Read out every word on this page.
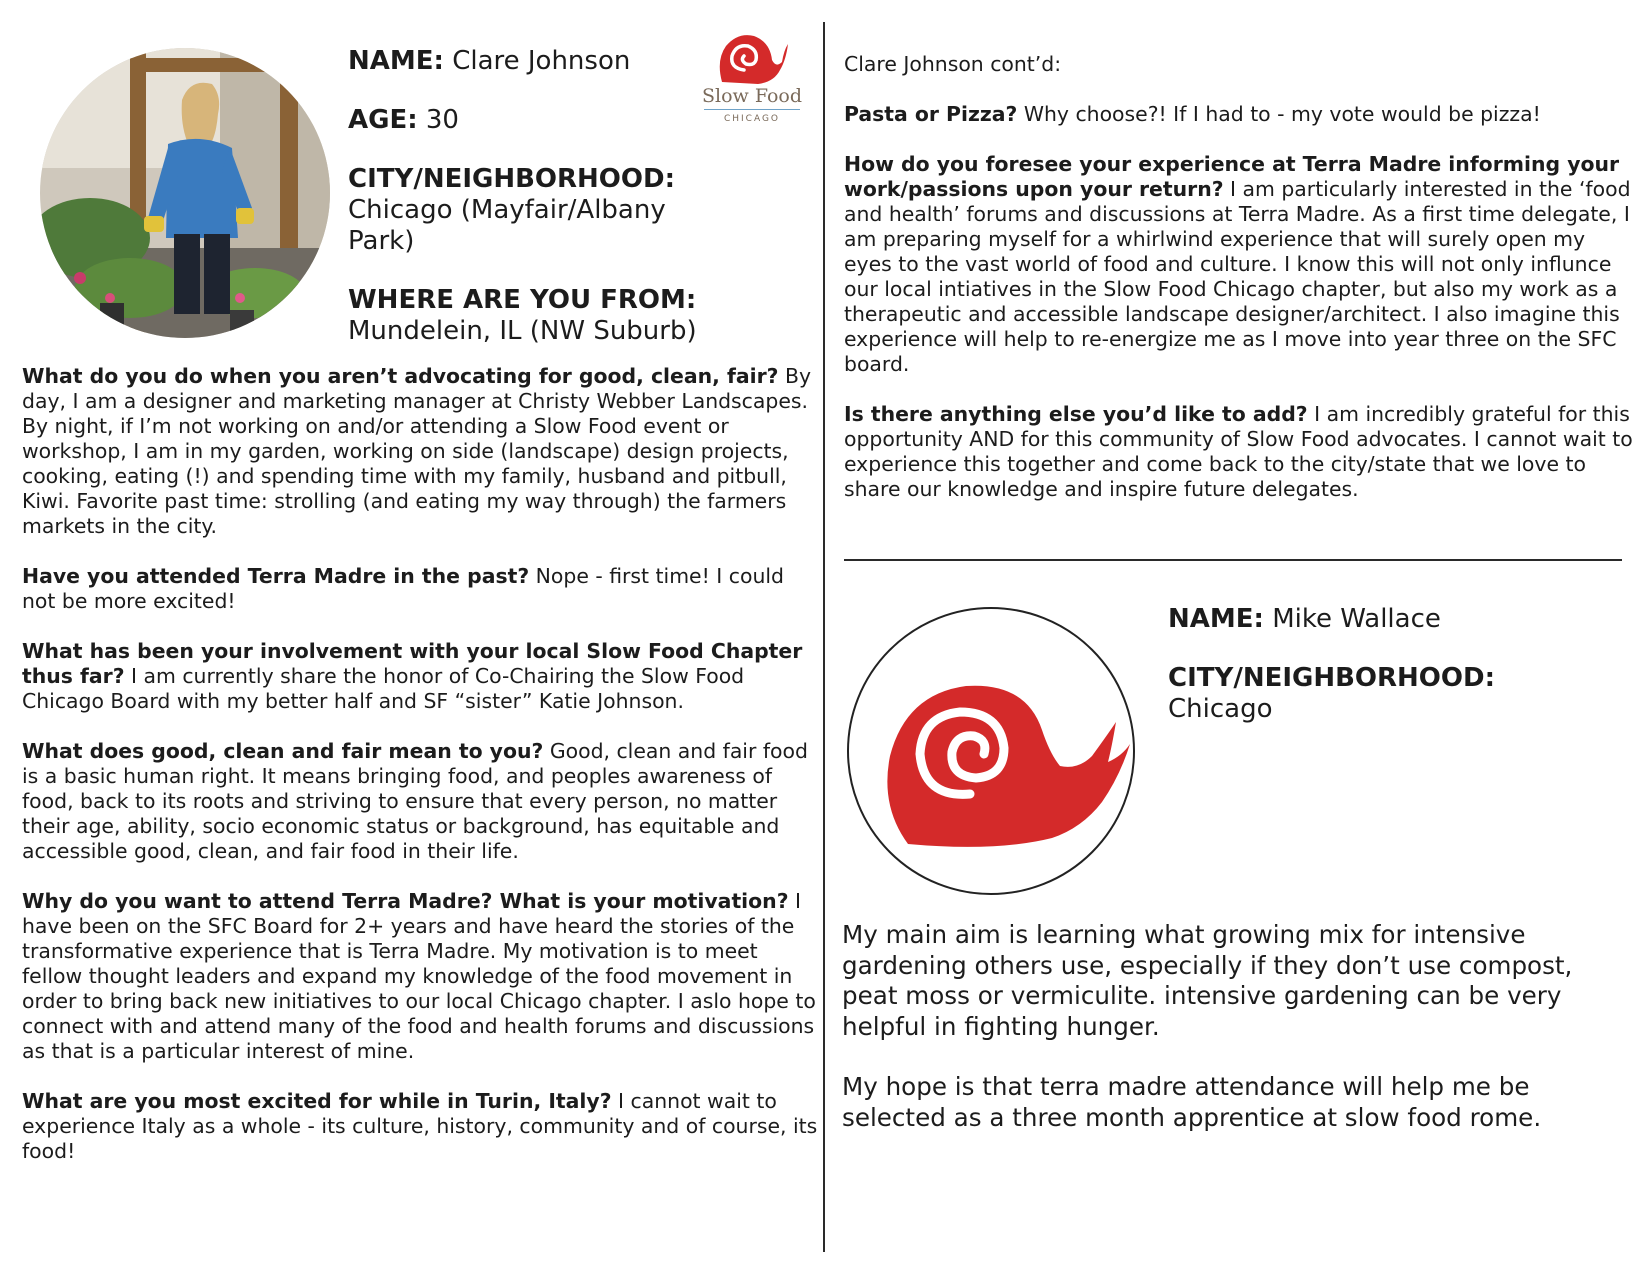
NAME: Clare Johnson
AGE: 30
CITY/NEIGHBORHOOD:
Chicago (Mayfair/Albany Park)
WHERE ARE YOU FROM:
Mundelein, IL (NW Suburb)
Slow Food
CHICAGO

What do you do when you aren’t advocating for good, clean, fair? By day, I am a designer and marketing manager at Christy Webber Landscapes. By night, if I’m not working on and/or attending a Slow Food event or workshop, I am in my garden, working on side (landscape) design projects, cooking, eating (!) and spending time with my family, husband and pitbull, Kiwi. Favorite past time: strolling (and eating my way through) the farmers markets in the city.

Have you attended Terra Madre in the past? Nope - first time! I could not be more excited!

What has been your involvement with your local Slow Food Chapter thus far? I am currently share the honor of Co-Chairing the Slow Food Chicago Board with my better half and SF “sister” Katie Johnson.

What does good, clean and fair mean to you? Good, clean and fair food is a basic human right. It means bringing food, and peoples awareness of food, back to its roots and striving to ensure that every person, no matter their age, ability, socio economic status or background, has equitable and accessible good, clean, and fair food in their life.

Why do you want to attend Terra Madre? What is your motivation? I have been on the SFC Board for 2+ years and have heard the stories of the transformative experience that is Terra Madre. My motivation is to meet fellow thought leaders and expand my knowledge of the food movement in order to bring back new initiatives to our local Chicago chapter. I aslo hope to connect with and attend many of the food and health forums and discussions as that is a particular interest of mine.

What are you most excited for while in Turin, Italy? I cannot wait to experience Italy as a whole - its culture, history, community and of course, its food!

Clare Johnson cont’d:

Pasta or Pizza? Why choose?! If I had to - my vote would be pizza!

How do you foresee your experience at Terra Madre informing your work/passions upon your return? I am particularly interested in the ‘food and health’ forums and discussions at Terra Madre. As a first time delegate, I am preparing myself for a whirlwind experience that will surely open my eyes to the vast world of food and culture. I know this will not only influnce our local intiatives in the Slow Food Chicago chapter, but also my work as a therapeutic and accessible landscape designer/architect. I also imagine this experience will help to re-energize me as I move into year three on the SFC board.

Is there anything else you’d like to add? I am incredibly grateful for this opportunity AND for this community of Slow Food advocates. I cannot wait to experience this together and come back to the city/state that we love to share our knowledge and inspire future delegates.

NAME: Mike Wallace
CITY/NEIGHBORHOOD:
Chicago

My main aim is learning what growing mix for intensive gardening others use, especially if they don’t use compost, peat moss or vermiculite. intensive gardening can be very helpful in fighting hunger.

My hope is that terra madre attendance will help me be selected as a three month apprentice at slow food rome.
